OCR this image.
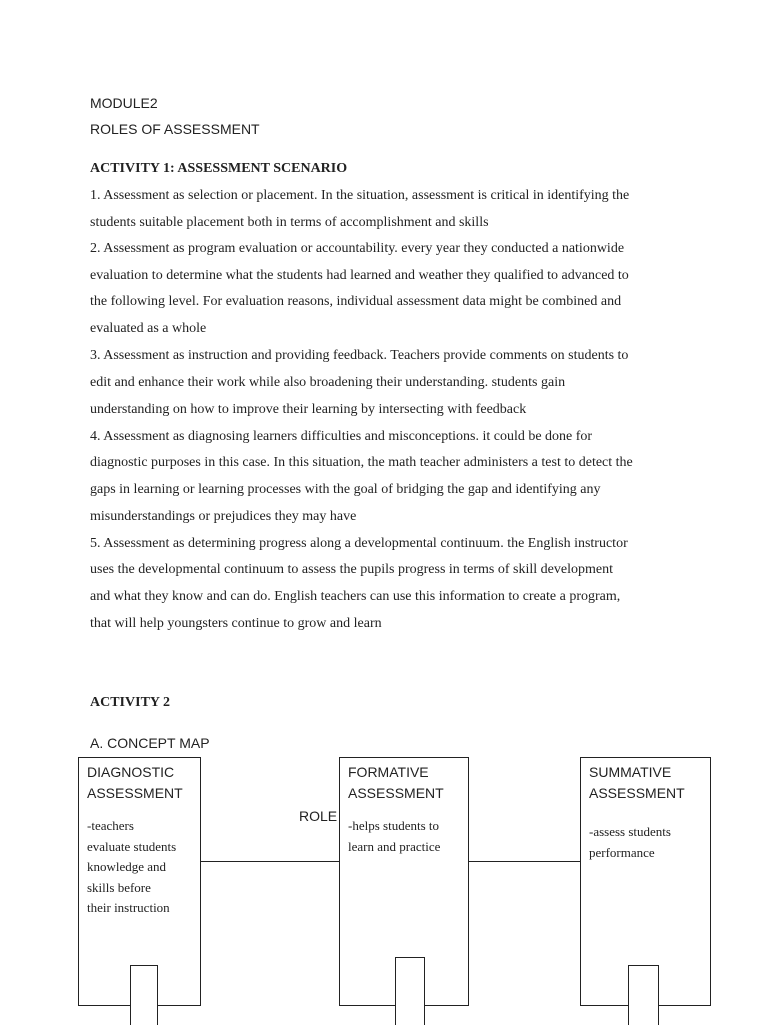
MODULE2
ROLES OF ASSESSMENT
ACTIVITY 1: ASSESSMENT SCENARIO
1. Assessment as selection or placement. In the situation, assessment is critical in identifying the
students suitable placement both in terms of accomplishment and skills
2. Assessment as program evaluation or accountability. every year they conducted a nationwide
evaluation to determine what the students had learned and weather they qualified to advanced to
the following level. For evaluation reasons, individual assessment data might be combined and
evaluated as a whole
3. Assessment as instruction and providing feedback. Teachers provide comments on students to
edit and enhance their work while also broadening their understanding. students gain
understanding on how to improve their learning by intersecting with feedback
4. Assessment as diagnosing learners difficulties and misconceptions. it could be done for
diagnostic purposes in this case. In this situation, the math teacher administers a test to detect the
gaps in learning or learning processes with the goal of bridging the gap and identifying any
misunderstandings or prejudices they may have
5. Assessment as determining progress along a developmental continuum. the English instructor
uses the developmental continuum to assess the pupils progress in terms of skill development
and what they know and can do. English teachers can use this information to create a program,
that will help youngsters continue to grow and learn
ACTIVITY 2
A. CONCEPT MAP
ROLE
DIAGNOSTIC
ASSESSMENT
-teachers
evaluate students
knowledge and
skills before
their instruction
FORMATIVE
ASSESSMENT
-helps students to
learn and practice
SUMMATIVE
ASSESSMENT
-assess students
performance
